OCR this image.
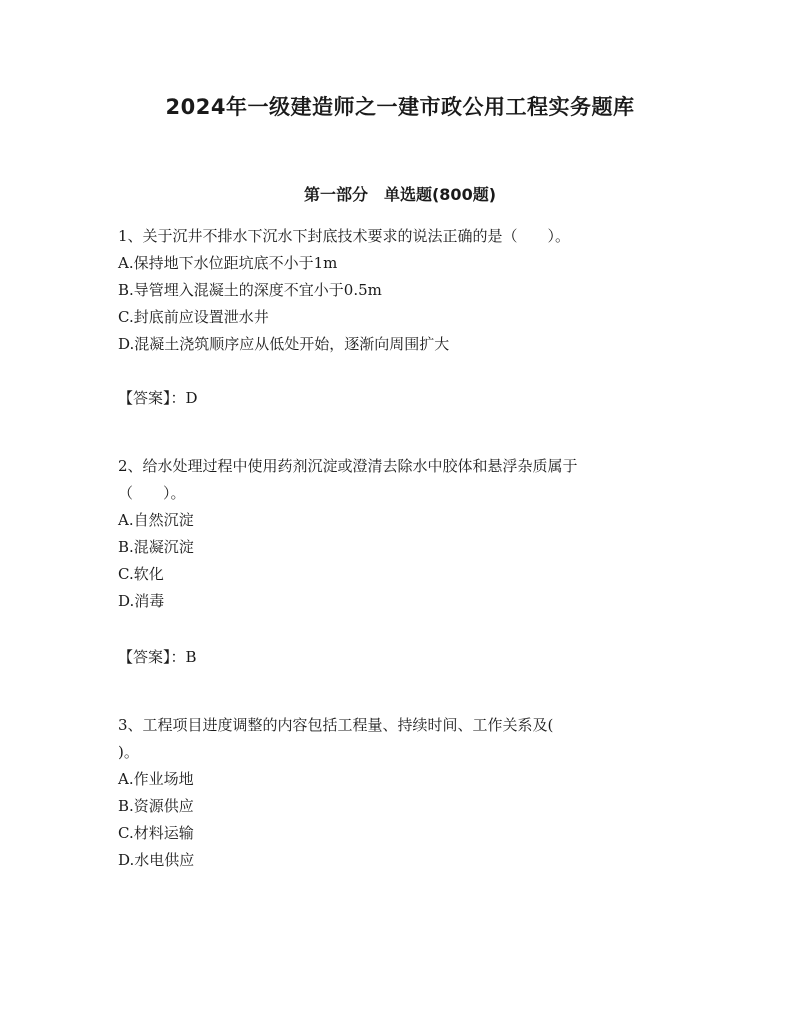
2024年一级建造师之一建市政公用工程实务题库
第一部分　单选题(800题)
1、关于沉井不排水下沉水下封底技术要求的说法正确的是（　　）。
A.保持地下水位距坑底不小于1m
B.导管埋入混凝土的深度不宜小于0.5m
C.封底前应设置泄水井
D.混凝土浇筑顺序应从低处开始，逐渐向周围扩大
【答案】：D
2、给水处理过程中使用药剂沉淀或澄清去除水中胶体和悬浮杂质属于
（　　）。
A.自然沉淀
B.混凝沉淀
C.软化
D.消毒
【答案】：B
3、工程项目进度调整的内容包括工程量、持续时间、工作关系及(
)。
A.作业场地
B.资源供应
C.材料运输
D.水电供应
